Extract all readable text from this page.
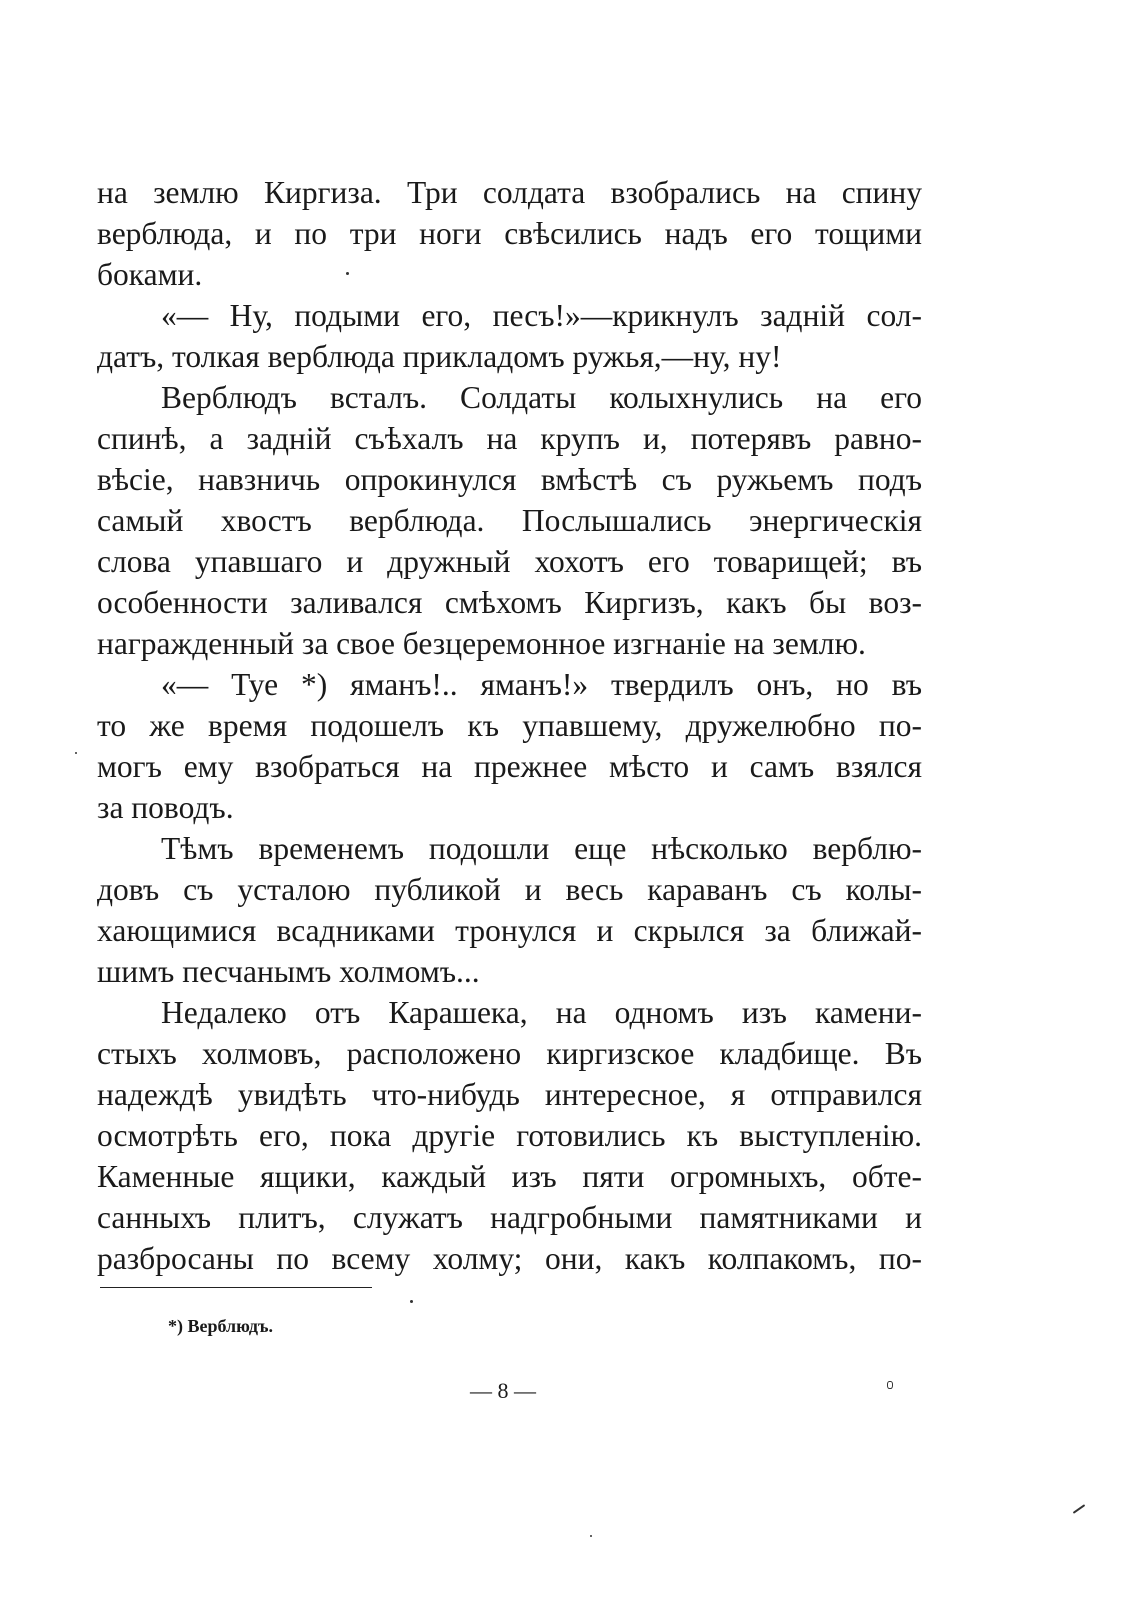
на землю Киргиза. Три солдата взобрались на спину
верблюда, и по три ноги свѣсились надъ его тощими
боками.
«— Ну, подыми его, песъ!»—крикнулъ заднiй сол-
датъ, толкая верблюда прикладомъ ружья,—ну, ну!
Верблюдъ всталъ. Солдаты колыхнулись на его
спинѣ, а заднiй съѣхалъ на крупъ и, потерявъ равно-
вѣсiе, навзничь опрокинулся вмѣстѣ съ ружьемъ подъ
самый хвостъ верблюда. Послышались энергическiя
слова упавшаго и дружный хохотъ его товарищей; въ
особенности заливался смѣхомъ Киргизъ, какъ бы воз-
награжденный за свое безцеремонное изгнанiе на землю.
«— Туе *) яманъ!.. яманъ!» твердилъ онъ, но въ
то же время подошелъ къ упавшему, дружелюбно по-
могъ ему взобраться на прежнее мѣсто и самъ взялся
за поводъ.
Тѣмъ временемъ подошли еще нѣсколько верблю-
довъ съ усталою публикой и весь караванъ съ колы-
хающимися всадниками тронулся и скрылся за ближай-
шимъ песчанымъ холмомъ...
Недалеко отъ Карашека, на одномъ изъ камени-
стыхъ холмовъ, расположено киргизское кладбище. Въ
надеждѣ увидѣть что-нибудь интересное, я отправился
осмотрѣть его, пока другiе готовились къ выступленiю.
Каменные ящики, каждый изъ пяти огромныхъ, обте-
санныхъ плитъ, служатъ надгробными памятниками и
разбросаны по всему холму; они, какъ колпакомъ, по-
*) Верблюдъ.
— 8 —
